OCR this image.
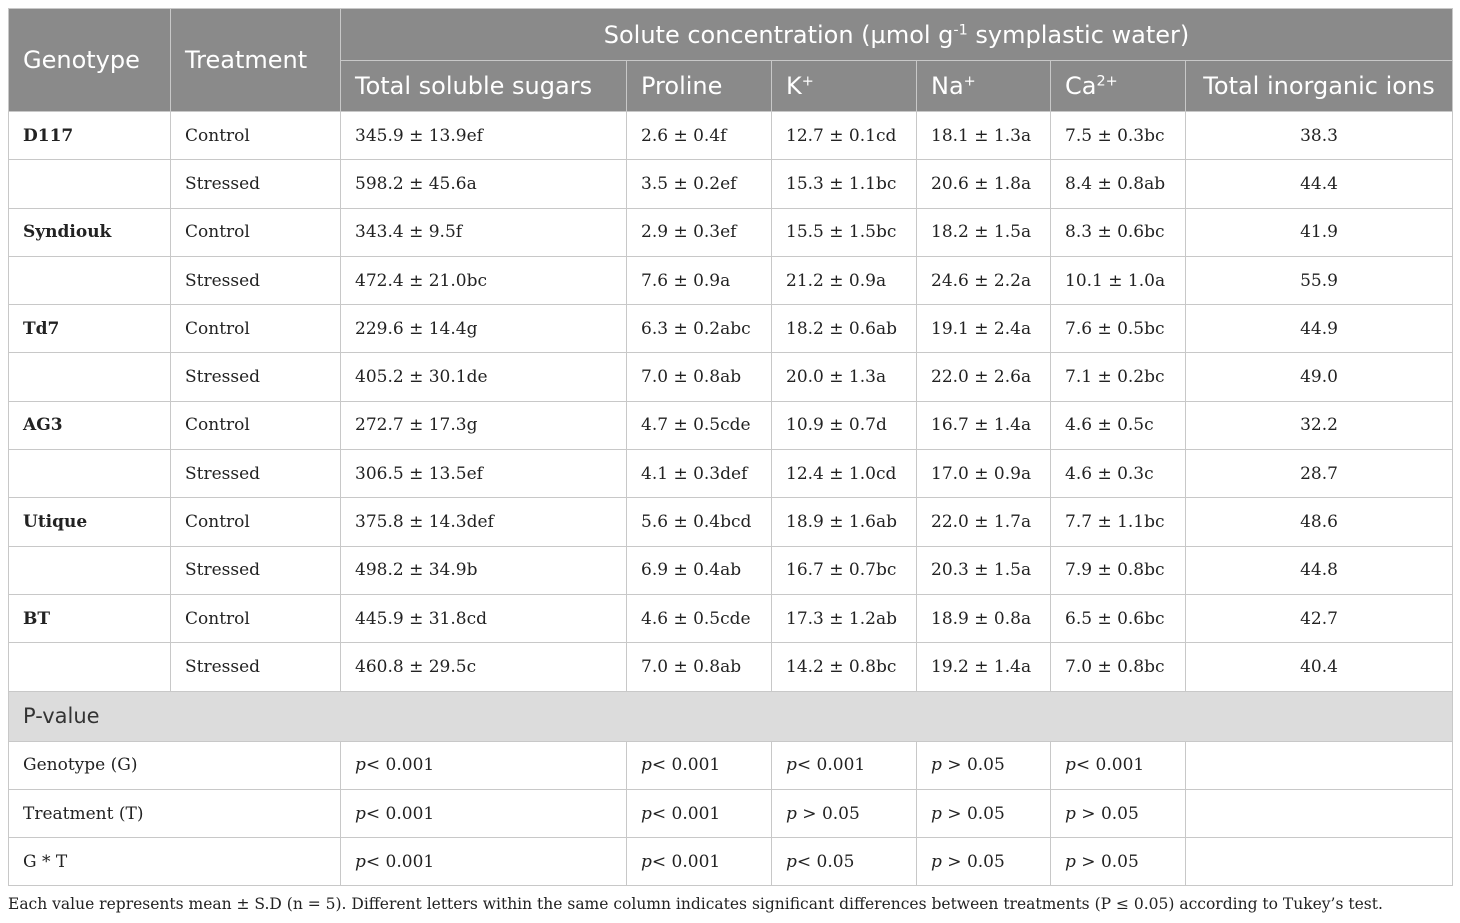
Genotype	Treatment	Solute concentration (µmol $g^{-1}$ symplastic water)					
		Total soluble sugars	Proline	K+	Na+	$Ca^{2+}$	Total inorganic ions
D117	Control	345.9 ± 13.9ef	2.6 ± 0.4f	12.7 ± 0.1cd	18.1 ± 1.3a	7.5 ± 0.3bc	38.3
	Stressed	598.2 ± 45.6a	3.5 ± 0.2ef	15.3 ± 1.1bc	20.6 ± 1.8a	8.4 ± 0.8ab	44.4
Syndiouk	Control	343.4 ± 9.5f	2.9 ± 0.3ef	15.5 ± 1.5bc	18.2 ± 1.5a	8.3 ± 0.6bc	41.9
	Stressed	472.4 ± 21.0bc	7.6 ± 0.9a	21.2 ± 0.9a	24.6 ± 2.2a	10.1 ± 1.0a	55.9
Td7	Control	229.6 ± 14.4g	6.3 ± 0.2abc	18.2 ± 0.6ab	19.1 ± 2.4a	7.6 ± 0.5bc	44.9
	Stressed	405.2 ± 30.1de	7.0 ± 0.8ab	20.0 ± 1.3a	22.0 ± 2.6a	7.1 ± 0.2bc	49.0
AG3	Control	272.7 ± 17.3g	4.7 ± 0.5cde	10.9 ± 0.7d	16.7 ± 1.4a	4.6 ± 0.5c	32.2
	Stressed	306.5 ± 13.5ef	4.1 ± 0.3def	12.4 ± 1.0cd	17.0 ± 0.9a	4.6 ± 0.3c	28.7
Utique	Control	375.8 ± 14.3def	5.6 ± 0.4bcd	18.9 ± 1.6ab	22.0 ± 1.7a	7.7 ± 1.1bc	48.6
	Stressed	498.2 ± 34.9b	6.9 ± 0.4ab	16.7 ± 0.7bc	20.3 ± 1.5a	7.9 ± 0.8bc	44.8
BT	Control	445.9 ± 31.8cd	4.6 ± 0.5cde	17.3 ± 1.2ab	18.9 ± 0.8a	6.5 ± 0.6bc	42.7
	Stressed	460.8 ± 29.5c	7.0 ± 0.8ab	14.2 ± 0.8bc	19.2 ± 1.4a	7.0 ± 0.8bc	40.4
P-value							
Genotype (G)		p< 0.001	p< 0.001	p< 0.001	p > 0.05	p< 0.001	
Treatment (T)		p< 0.001	p< 0.001	p > 0.05	p > 0.05	p > 0.05	
G * T		p< 0.001	p< 0.001	p< 0.05	p > 0.05	p > 0.05	
Each value represents mean ± S.D (n = 5). Different letters within the same column indicates significant differences between treatments (P ≤ 0.05) according to Tukey’s test.
